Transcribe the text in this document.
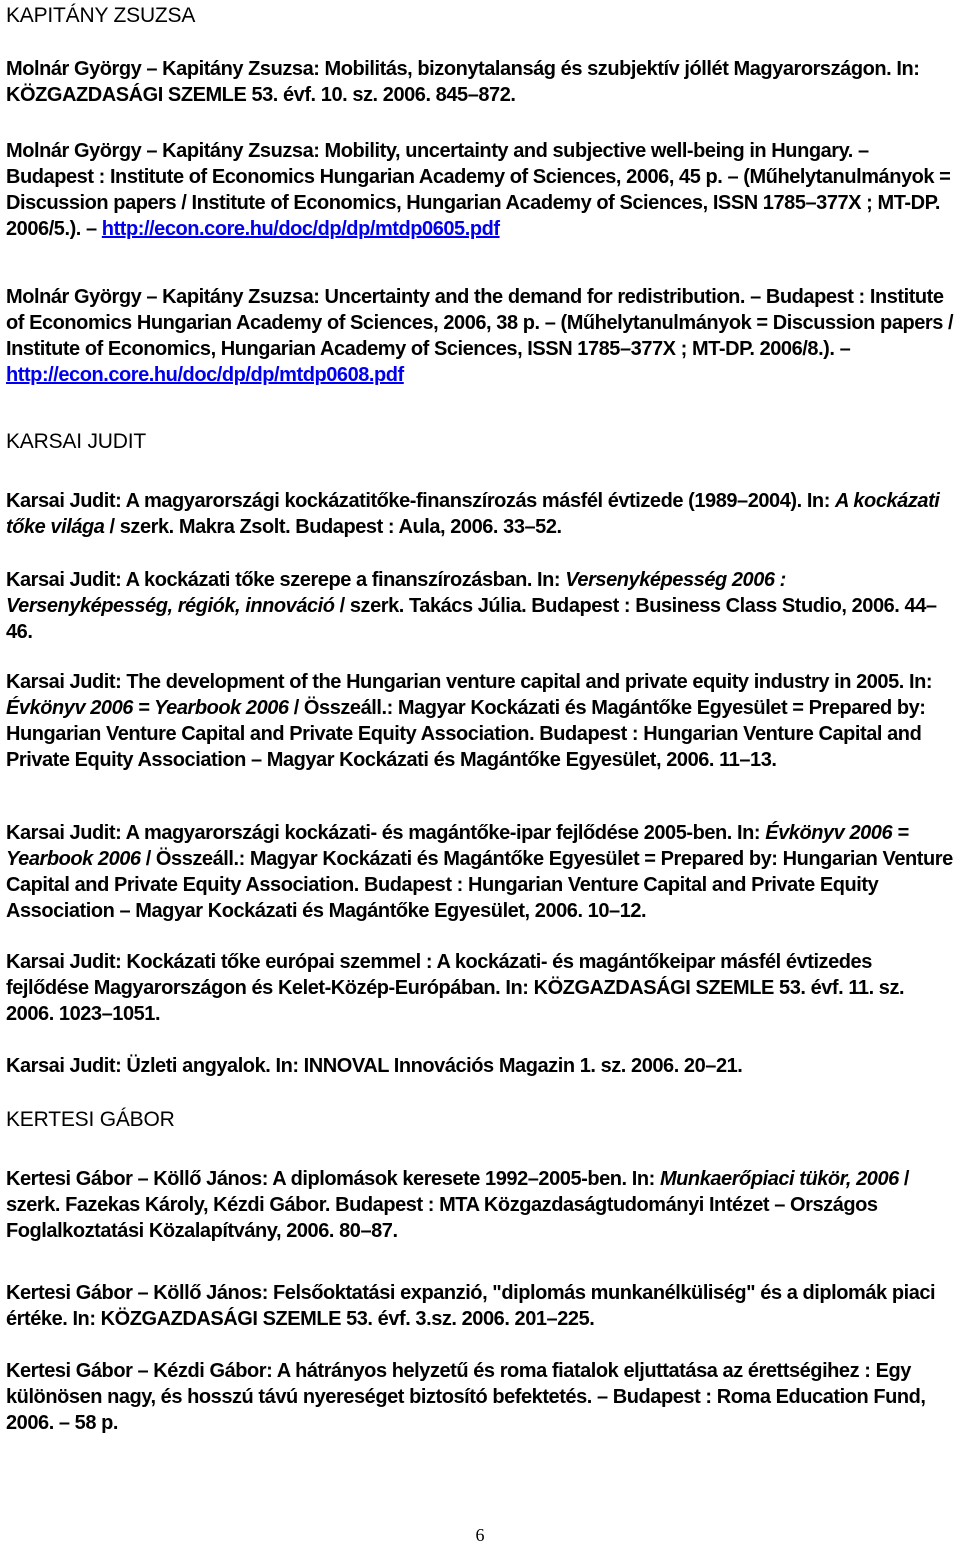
KAPITÁNY ZSUZSA

Molnár György – Kapitány Zsuzsa: Mobilitás, bizonytalanság és szubjektív jóllét Magyarországon. In: KÖZGAZDASÁGI SZEMLE 53. évf. 10. sz. 2006. 845–872.

Molnár György – Kapitány Zsuzsa: Mobility, uncertainty and subjective well-being in Hungary. – Budapest : Institute of Economics Hungarian Academy of Sciences, 2006, 45 p. – (Műhelytanulmányok = Discussion papers / Institute of Economics, Hungarian Academy of Sciences, ISSN 1785–377X ; MT-DP. 2006/5.). – http://econ.core.hu/doc/dp/dp/mtdp0605.pdf

Molnár György – Kapitány Zsuzsa: Uncertainty and the demand for redistribution. – Budapest : Institute of Economics Hungarian Academy of Sciences, 2006, 38 p. – (Műhelytanulmányok = Discussion papers / Institute of Economics, Hungarian Academy of Sciences, ISSN 1785–377X ; MT-DP. 2006/8.). – http://econ.core.hu/doc/dp/dp/mtdp0608.pdf

KARSAI JUDIT

Karsai Judit: A magyarországi kockázatitőke-finanszírozás másfél évtizede (1989–2004). In: A kockázati tőke világa / szerk. Makra Zsolt. Budapest : Aula, 2006. 33–52.

Karsai Judit: A kockázati tőke szerepe a finanszírozásban. In: Versenyképesség 2006 : Versenyképesség, régiók, innováció / szerk. Takács Júlia. Budapest : Business Class Studio, 2006. 44–46.

Karsai Judit: The development of the Hungarian venture capital and private equity industry in 2005. In: Évkönyv 2006 = Yearbook 2006 / Összeáll.: Magyar Kockázati és Magántőke Egyesület = Prepared by: Hungarian Venture Capital and Private Equity Association. Budapest : Hungarian Venture Capital and Private Equity Association – Magyar Kockázati és Magántőke Egyesület, 2006. 11–13.

Karsai Judit: A magyarországi kockázati- és magántőke-ipar fejlődése 2005-ben. In: Évkönyv 2006 = Yearbook 2006 / Összeáll.: Magyar Kockázati és Magántőke Egyesület = Prepared by: Hungarian Venture Capital and Private Equity Association. Budapest : Hungarian Venture Capital and Private Equity Association – Magyar Kockázati és Magántőke Egyesület, 2006. 10–12.

Karsai Judit: Kockázati tőke európai szemmel : A kockázati- és magántőkeipar másfél évtizedes fejlődése Magyarországon és Kelet-Közép-Európában. In: KÖZGAZDASÁGI SZEMLE 53. évf. 11. sz. 2006. 1023–1051.

Karsai Judit: Üzleti angyalok. In: INNOVAL Innovációs Magazin 1. sz. 2006. 20–21.

KERTESI GÁBOR

Kertesi Gábor – Köllő János: A diplomások keresete 1992–2005-ben. In: Munkaerőpiaci tükör, 2006 / szerk. Fazekas Károly, Kézdi Gábor. Budapest : MTA Közgazdaságtudományi Intézet – Országos Foglalkoztatási Közalapítvány, 2006. 80–87.

Kertesi Gábor – Köllő János: Felsőoktatási expanzió, "diplomás munkanélküliség" és a diplomák piaci értéke. In: KÖZGAZDASÁGI SZEMLE 53. évf. 3.sz. 2006. 201–225.

Kertesi Gábor – Kézdi Gábor: A hátrányos helyzetű és roma fiatalok eljuttatása az érettségihez : Egy különösen nagy, és hosszú távú nyereséget biztosító befektetés. – Budapest : Roma Education Fund, 2006. – 58 p.

6
